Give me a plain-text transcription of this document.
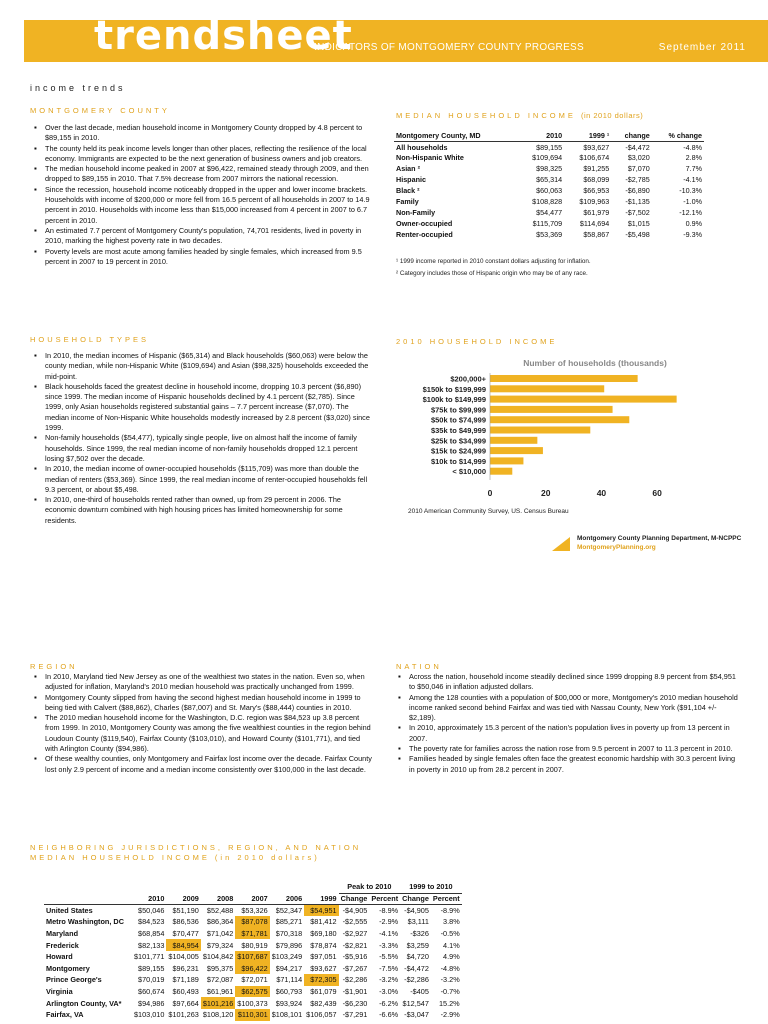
trendsheet
INDICATORS OF MONTGOMERY COUNTY PROGRESS	September 2011
income trends
MONTGOMERY COUNTY
▪ Over the last decade, median household income in Montgomery County dropped by 4.8 percent to $89,155 in 2010.
▪ The county held its peak income levels longer than other places, reflecting the resilience of the local economy. Immigrants are expected to be the next generation of business owners and job creators.
▪ The median household income peaked in 2007 at $96,422, remained steady through 2009, and then dropped to $89,155 in 2010. That 7.5% decrease from 2007 mirrors the national recession.
▪ Since the recession, household income noticeably dropped in the upper and lower income brackets. Households with income of $200,000 or more fell from 16.5 percent of all households in 2007 to 14.9 percent in 2010. Households with income less than $15,000 increased from 4 percent in 2007 to 6.7 percent in 2010.
▪ An estimated 7.7 percent of Montgomery County's population, 74,701 residents, lived in poverty in 2010, marking the highest poverty rate in two decades.
▪ Poverty levels are most acute among families headed by single females, which increased from 9.5 percent in 2007 to 19 percent in 2010.
MEDIAN HOUSEHOLD INCOME (in 2010 dollars)
Montgomery County, MD	2010	1999 ¹	change	% change
All households	$89,155	$93,627	-$4,472	-4.8%
Non-Hispanic White	$109,694	$106,674	$3,020	2.8%
Asian ²	$98,325	$91,255	$7,070	7.7%
Hispanic	$65,314	$68,099	-$2,785	-4.1%
Black ²	$60,063	$66,953	-$6,890	-10.3%
Family	$108,828	$109,963	-$1,135	-1.0%
Non-Family	$54,477	$61,979	-$7,502	-12.1%
Owner-occupied	$115,709	$114,694	$1,015	0.9%
Renter-occupied	$53,369	$58,867	-$5,498	-9.3%
¹ 1999 income reported in 2010 constant dollars adjusting for inflation.
² Category includes those of Hispanic origin who may be of any race.
HOUSEHOLD TYPES
▪ In 2010, the median incomes of Hispanic ($65,314) and Black households ($60,063) were below the county median, while non-Hispanic White ($109,694) and Asian ($98,325) households exceeded the mid-point.
▪ Black households faced the greatest decline in household income, dropping 10.3 percent ($6,890) since 1999. The median income of Hispanic households declined by 4.1 percent ($2,785). Since 1999, only Asian households registered substantial gains – 7.7 percent increase ($7,070). The median income of Non-Hispanic White households modestly increased by 2.8 percent ($3,020) since 1999.
▪ Non-family households ($54,477), typically single people, live on almost half the income of family households. Since 1999, the real median income of non-family households dropped 12.1 percent losing $7,502 over the decade.
▪ In 2010, the median income of owner-occupied households ($115,709) was more than double the median of renters ($53,369). Since 1999, the real median income of renter-occupied households fell 9.3 percent, or about $5,498.
▪ In 2010, one-third of households rented rather than owned, up from 29 percent in 2006. The economic downturn combined with high housing prices has limited homeownership for some residents.
2010 HOUSEHOLD INCOME
Number of households (thousands)
$200,000+
$150k to $199,999
$100k to $149,999
$75k to $99,999
$50k to $74,999
$35k to $49,999
$25k to $34,999
$15k to $24,999
$10k to $14,999
< $10,000
0	20	40	60
2010 American Community Survey, US. Census Bureau
Montgomery County Planning Department, M-NCPPC
MontgomeryPlanning.org
REGION
▪ In 2010, Maryland tied New Jersey as one of the wealthiest two states in the nation. Even so, when adjusted for inflation, Maryland's 2010 median household was practically unchanged from 1999.
▪ Montgomery County slipped from having the second highest median household income in 1999 to being tied with Calvert ($88,862), Charles ($87,007) and St. Mary's ($88,444) counties in 2010.
▪ The 2010 median household income for the Washington, D.C. region was $84,523 up 3.8 percent from 1999. In 2010, Montgomery County was among the five wealthiest counties in the region behind Loudoun County ($119,540), Fairfax County ($103,010), and Howard County ($101,771), and tied with Arlington County ($94,986).
▪ Of these wealthy counties, only Montgomery and Fairfax lost income over the decade. Fairfax County lost only 2.9 percent of income and a median income consistently over $100,000 in the last decade.
NATION
▪ Across the nation, household income steadily declined since 1999 dropping 8.9 percent from $54,951 to $50,046 in inflation adjusted dollars.
▪ Among the 128 counties with a population of $00,000 or more, Montgomery's 2010 median household income ranked second behind Fairfax and was tied with Nassau County, New York ($91,104 +/- $2,189).
▪ In 2010, approximately 15.3 percent of the nation's population lives in poverty up from 13 percent in 2007.
▪ The poverty rate for families across the nation rose from 9.5 percent in 2007 to 11.3 percent in 2010.
▪ Families headed by single females often face the greatest economic hardship with 30.3 percent living in poverty in 2010 up from 28.2 percent in 2007.
NEIGHBORING JURISDICTIONS, REGION, AND NATION
MEDIAN HOUSEHOLD INCOME (in 2010 dollars)
							Peak to 2010		1999 to 2010	
	2010	2009	2008	2007	2006	1999	Change	Percent	Change	Percent
United States	$50,046	$51,190	$52,488	$53,326	$52,347	$54,951	-$4,905	-8.9%	-$4,905	-8.9%
Metro Washington, DC	$84,523	$86,536	$86,364	$87,078	$85,271	$81,412	-$2,555	-2.9%	$3,111	3.8%
Maryland	$68,854	$70,477	$71,042	$71,781	$70,318	$69,180	-$2,927	-4.1%	-$326	-0.5%
Frederick	$82,133	$84,954	$79,324	$80,919	$79,896	$78,874	-$2,821	-3.3%	$3,259	4.1%
Howard	$101,771	$104,005	$104,842	$107,687	$103,249	$97,051	-$5,916	-5.5%	$4,720	4.9%
Montgomery	$89,155	$96,231	$95,375	$96,422	$94,217	$93,627	-$7,267	-7.5%	-$4,472	-4.8%
Prince George's	$70,019	$71,189	$72,087	$72,071	$71,114	$72,305	-$2,286	-3.2%	-$2,286	-3.2%
Virginia	$60,674	$60,493	$61,961	$62,575	$60,793	$61,079	-$1,901	-3.0%	-$405	-0.7%
Arlington County, VA*	$94,986	$97,664	$101,216	$100,373	$93,924	$82,439	-$6,230	-6.2%	$12,547	15.2%
Fairfax, VA	$103,010	$101,263	$108,120	$110,301	$108,101	$106,057	-$7,291	-6.6%	-$3,047	-2.9%
